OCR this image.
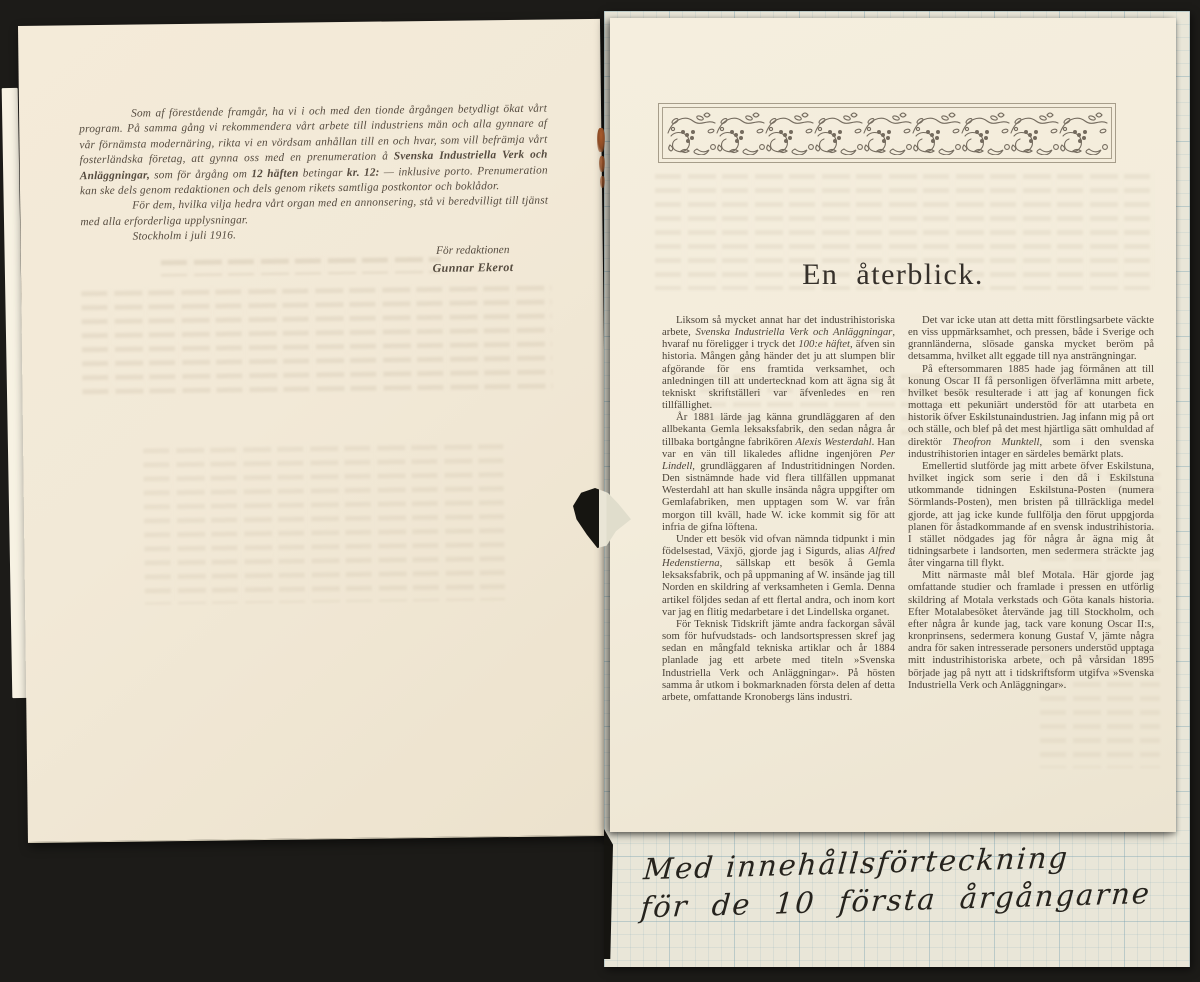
Som af förestående framgår, ha vi i och med den tionde årgången betydligt ökat vårt program. På samma gång vi rekommendera vårt arbete till industriens män och alla gynnare af vår förnämsta modernäring, rikta vi en vördsam anhållan till en och hvar, som vill befrämja vårt fosterländska företag, att gynna oss med en prenumeration å Svenska Industriella Verk och Anläggningar, som för årgång om 12 häften betingar kr. 12: — inklusive porto. Prenumeration kan ske dels genom redaktionen och dels genom rikets samtliga postkontor och boklådor.

För dem, hvilka vilja hedra vårt organ med en annonsering, stå vi beredvilligt till tjänst med alla erforderliga upplysningar.

Stockholm i juli 1916.

För redaktionen
Gunnar Ekerot
Med innehållsförteckning
för de 10 första årgångarne
En återblick.

Liksom så mycket annat har det industrihistoriska arbete, Svenska Industriella Verk och Anläggningar, hvaraf nu föreligger i tryck det 100:e häftet, äfven sin historia. Mången gång händer det ju att slumpen blir afgörande för ens framtida verksamhet, och anledningen till att undertecknad kom att ägna sig åt tekniskt skriftställeri var äfvenledes en ren tillfällighet.

År 1881 lärde jag känna grundläggaren af den allbekanta Gemla leksaksfabrik, den sedan några år tillbaka bortgångne fabrikören Alexis Westerdahl. Han var en vän till likaledes aflidne ingenjören Per Lindell, grundläggaren af Industritidningen Norden. Den sistnämnde hade vid flera tillfällen uppmanat Westerdahl att han skulle insända några uppgifter om Gemlafabriken, men upptagen som W. var från morgon till kväll, hade W. icke kommit sig för att infria de gifna löftena.

Under ett besök vid ofvan nämnda tidpunkt i min födelsestad, Växjö, gjorde jag i Sigurds, alias Alfred Hedenstierna, sällskap ett besök å Gemla leksaksfabrik, och på uppmaning af W. insände jag till Norden en skildring af verksamheten i Gemla. Denna artikel följdes sedan af ett flertal andra, och inom kort var jag en flitig medarbetare i det Lindellska organet.

För Teknisk Tidskrift jämte andra fackorgan såväl som för hufvudstads- och landsortspressen skref jag sedan en mångfald tekniska artiklar och år 1884 planlade jag ett arbete med titeln »Svenska Industriella Verk och Anläggningar». På hösten samma år utkom i bokmarknaden första delen af detta arbete, omfattande Kronobergs läns industri.

Det var icke utan att detta mitt förstlingsarbete väckte en viss uppmärksamhet, och pressen, både i Sverige och grannländerna, slösade ganska mycket beröm på detsamma, hvilket allt eggade till nya ansträngningar.

På eftersommaren 1885 hade jag förmånen att till konung Oscar II få personligen öfverlämna mitt arbete, hvilket besök resulterade i att jag af konungen fick mottaga ett pekuniärt understöd för att utarbeta en historik öfver Eskilstunaindustrien. Jag infann mig på ort och ställe, och blef på det mest hjärtliga sätt omhuldad af direktör Theofron Munktell, som i den svenska industrihistorien intager en särdeles bemärkt plats.

Emellertid slutförde jag mitt arbete öfver Eskilstuna, hvilket ingick som serie i den då i Eskilstuna utkommande tidningen Eskilstuna-Posten (numera Sörmlands-Posten), men bristen på tillräckliga medel gjorde, att jag icke kunde fullfölja den förut uppgjorda planen för åstadkommande af en svensk industrihistoria. I stället nödgades jag för några år ägna mig åt tidningsarbete i landsorten, men sedermera sträckte jag åter vingarna till flykt.

Mitt närmaste mål blef Motala. Här gjorde jag omfattande studier och framlade i pressen en utförlig skildring af Motala verkstads och Göta kanals historia. Efter Motalabesöket återvände jag till Stockholm, och efter några år kunde jag, tack vare konung Oscar II:s, kronprinsens, sedermera konung Gustaf V, jämte några andra för saken intresserade personers understöd upptaga mitt industrihistoriska arbete, och på vårsidan 1895 började jag på nytt att i tidskriftsform utgifva »Svenska Industriella Verk och Anläggningar».
